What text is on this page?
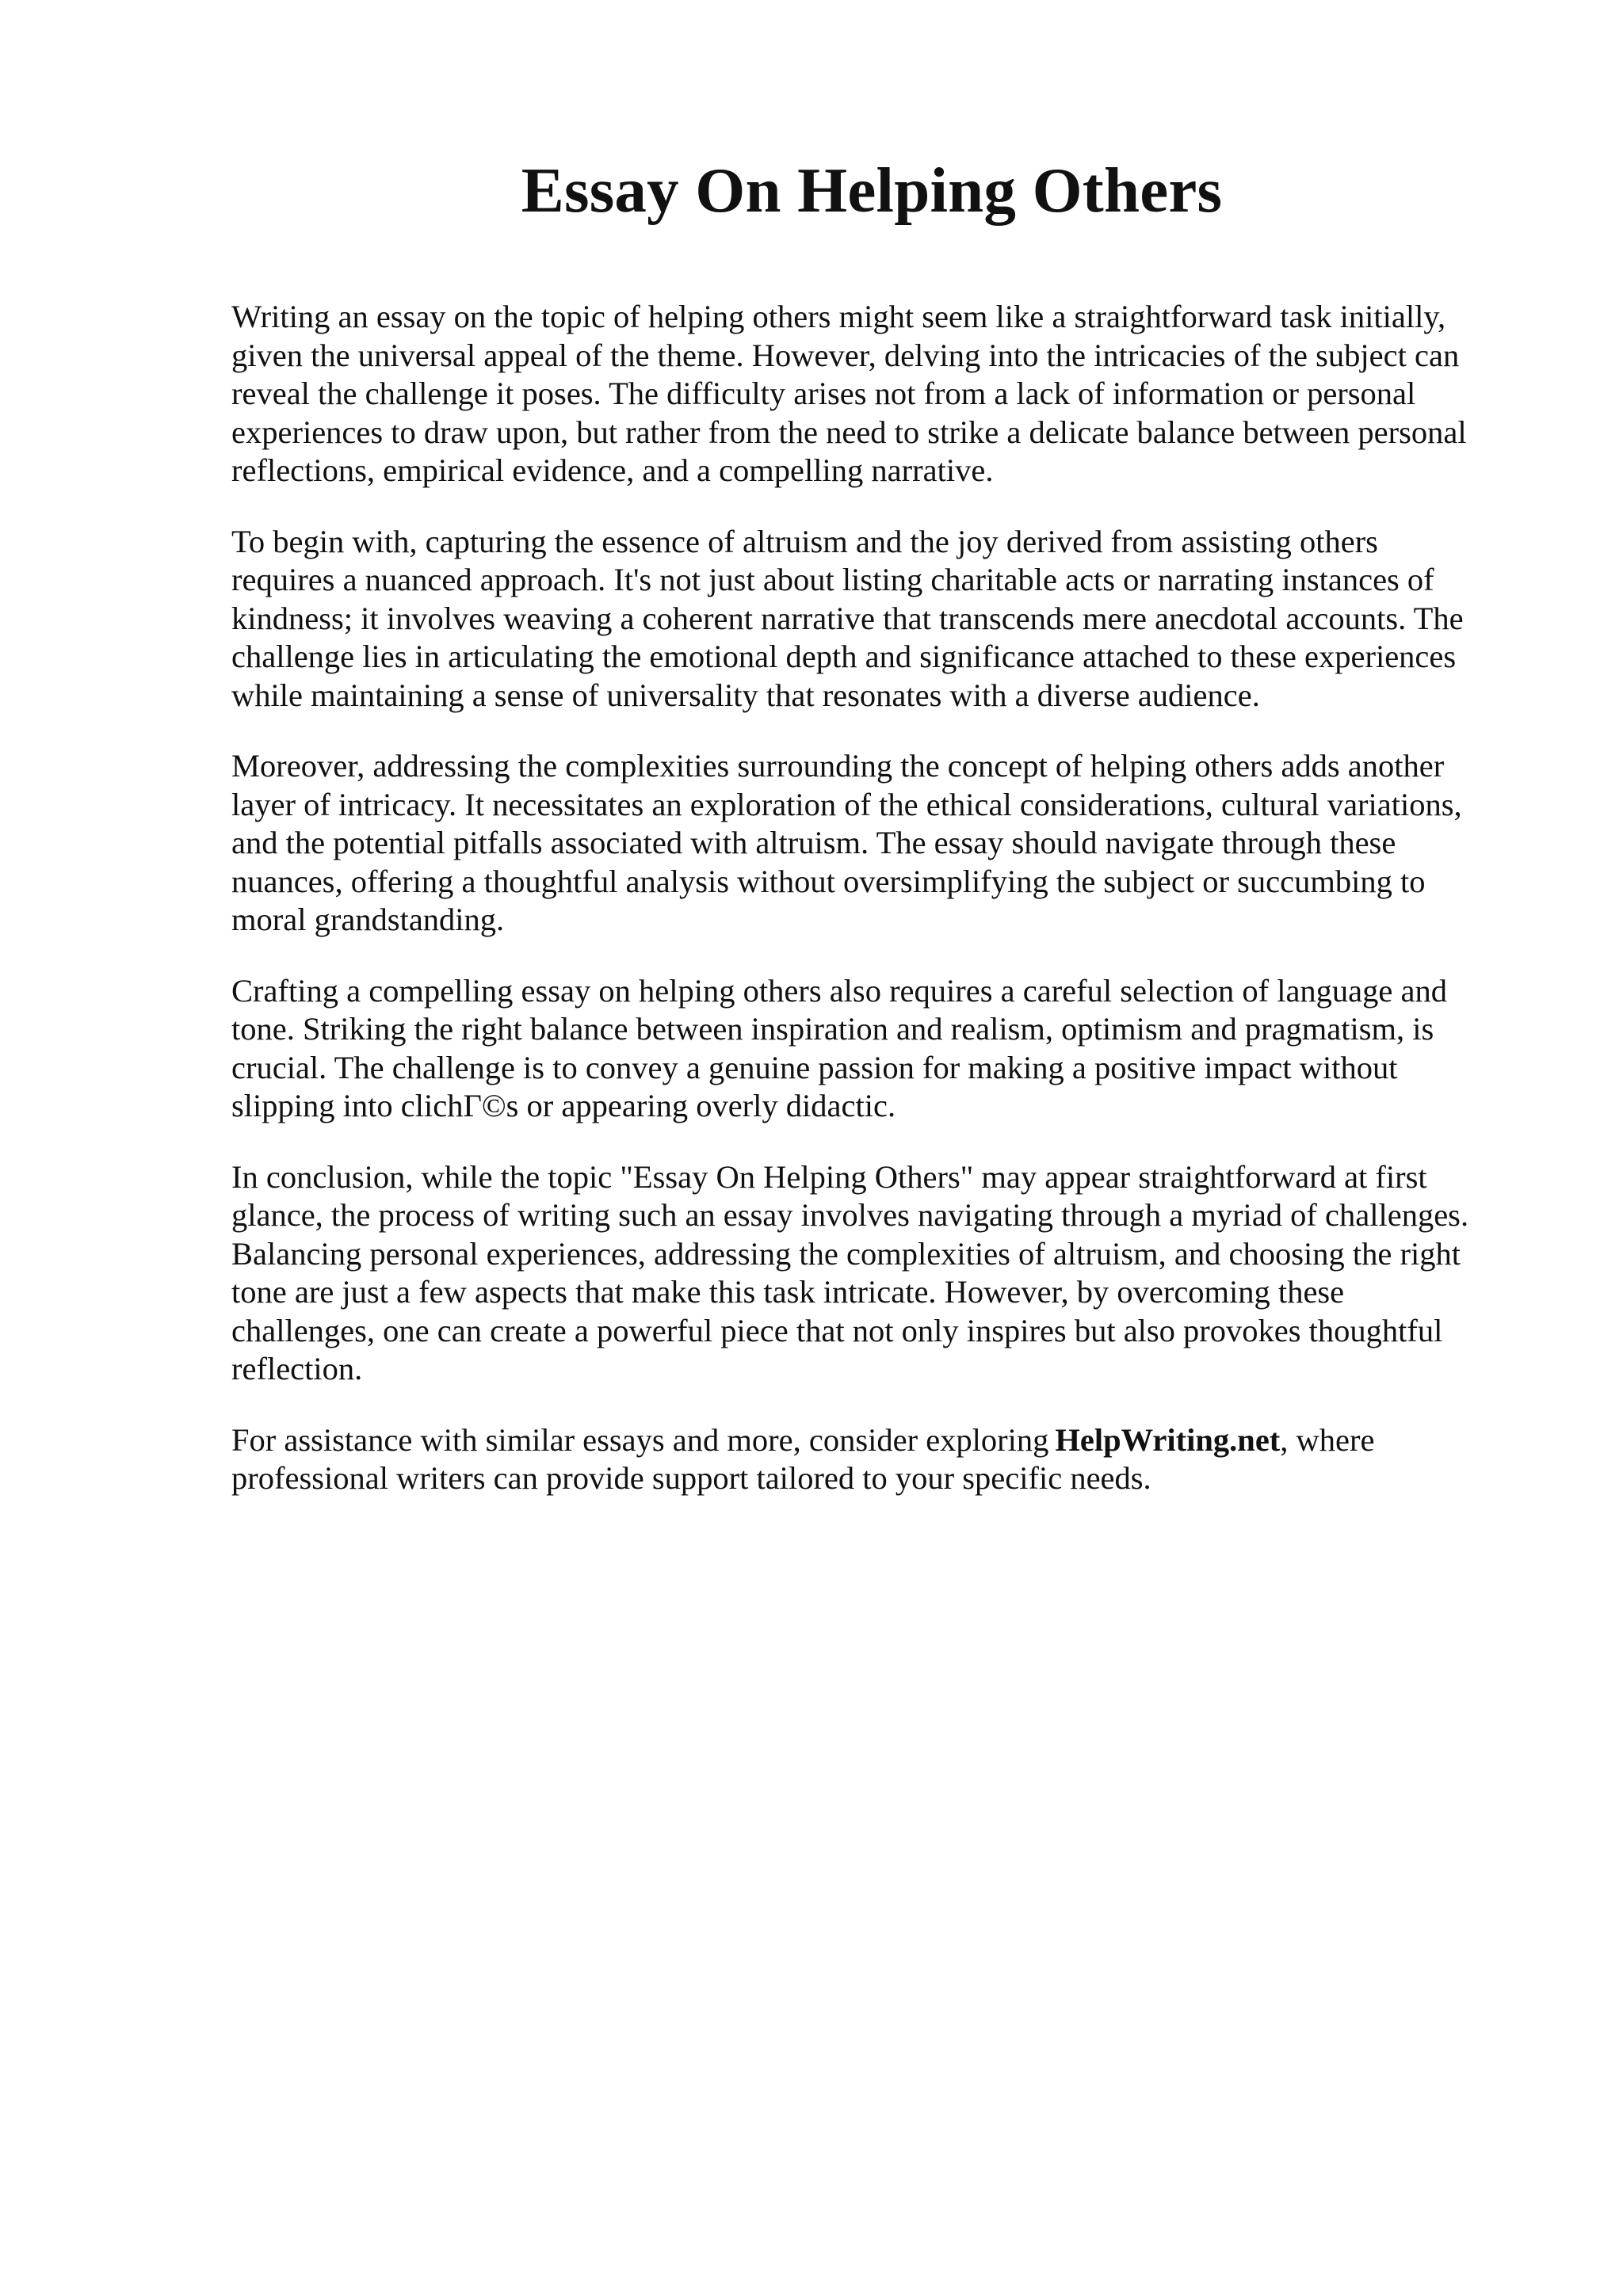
Essay On Helping Others

Writing an essay on the topic of helping others might seem like a straightforward task initially,
given the universal appeal of the theme. However, delving into the intricacies of the subject can
reveal the challenge it poses. The difficulty arises not from a lack of information or personal
experiences to draw upon, but rather from the need to strike a delicate balance between personal
reflections, empirical evidence, and a compelling narrative.

To begin with, capturing the essence of altruism and the joy derived from assisting others
requires a nuanced approach. It's not just about listing charitable acts or narrating instances of
kindness; it involves weaving a coherent narrative that transcends mere anecdotal accounts. The
challenge lies in articulating the emotional depth and significance attached to these experiences
while maintaining a sense of universality that resonates with a diverse audience.

Moreover, addressing the complexities surrounding the concept of helping others adds another
layer of intricacy. It necessitates an exploration of the ethical considerations, cultural variations,
and the potential pitfalls associated with altruism. The essay should navigate through these
nuances, offering a thoughtful analysis without oversimplifying the subject or succumbing to
moral grandstanding.

Crafting a compelling essay on helping others also requires a careful selection of language and
tone. Striking the right balance between inspiration and realism, optimism and pragmatism, is
crucial. The challenge is to convey a genuine passion for making a positive impact without
slipping into clichГ©s or appearing overly didactic.

In conclusion, while the topic "Essay On Helping Others" may appear straightforward at first
glance, the process of writing such an essay involves navigating through a myriad of challenges.
Balancing personal experiences, addressing the complexities of altruism, and choosing the right
tone are just a few aspects that make this task intricate. However, by overcoming these
challenges, one can create a powerful piece that not only inspires but also provokes thoughtful
reflection.

For assistance with similar essays and more, consider exploring HelpWriting.net, where
professional writers can provide support tailored to your specific needs.
